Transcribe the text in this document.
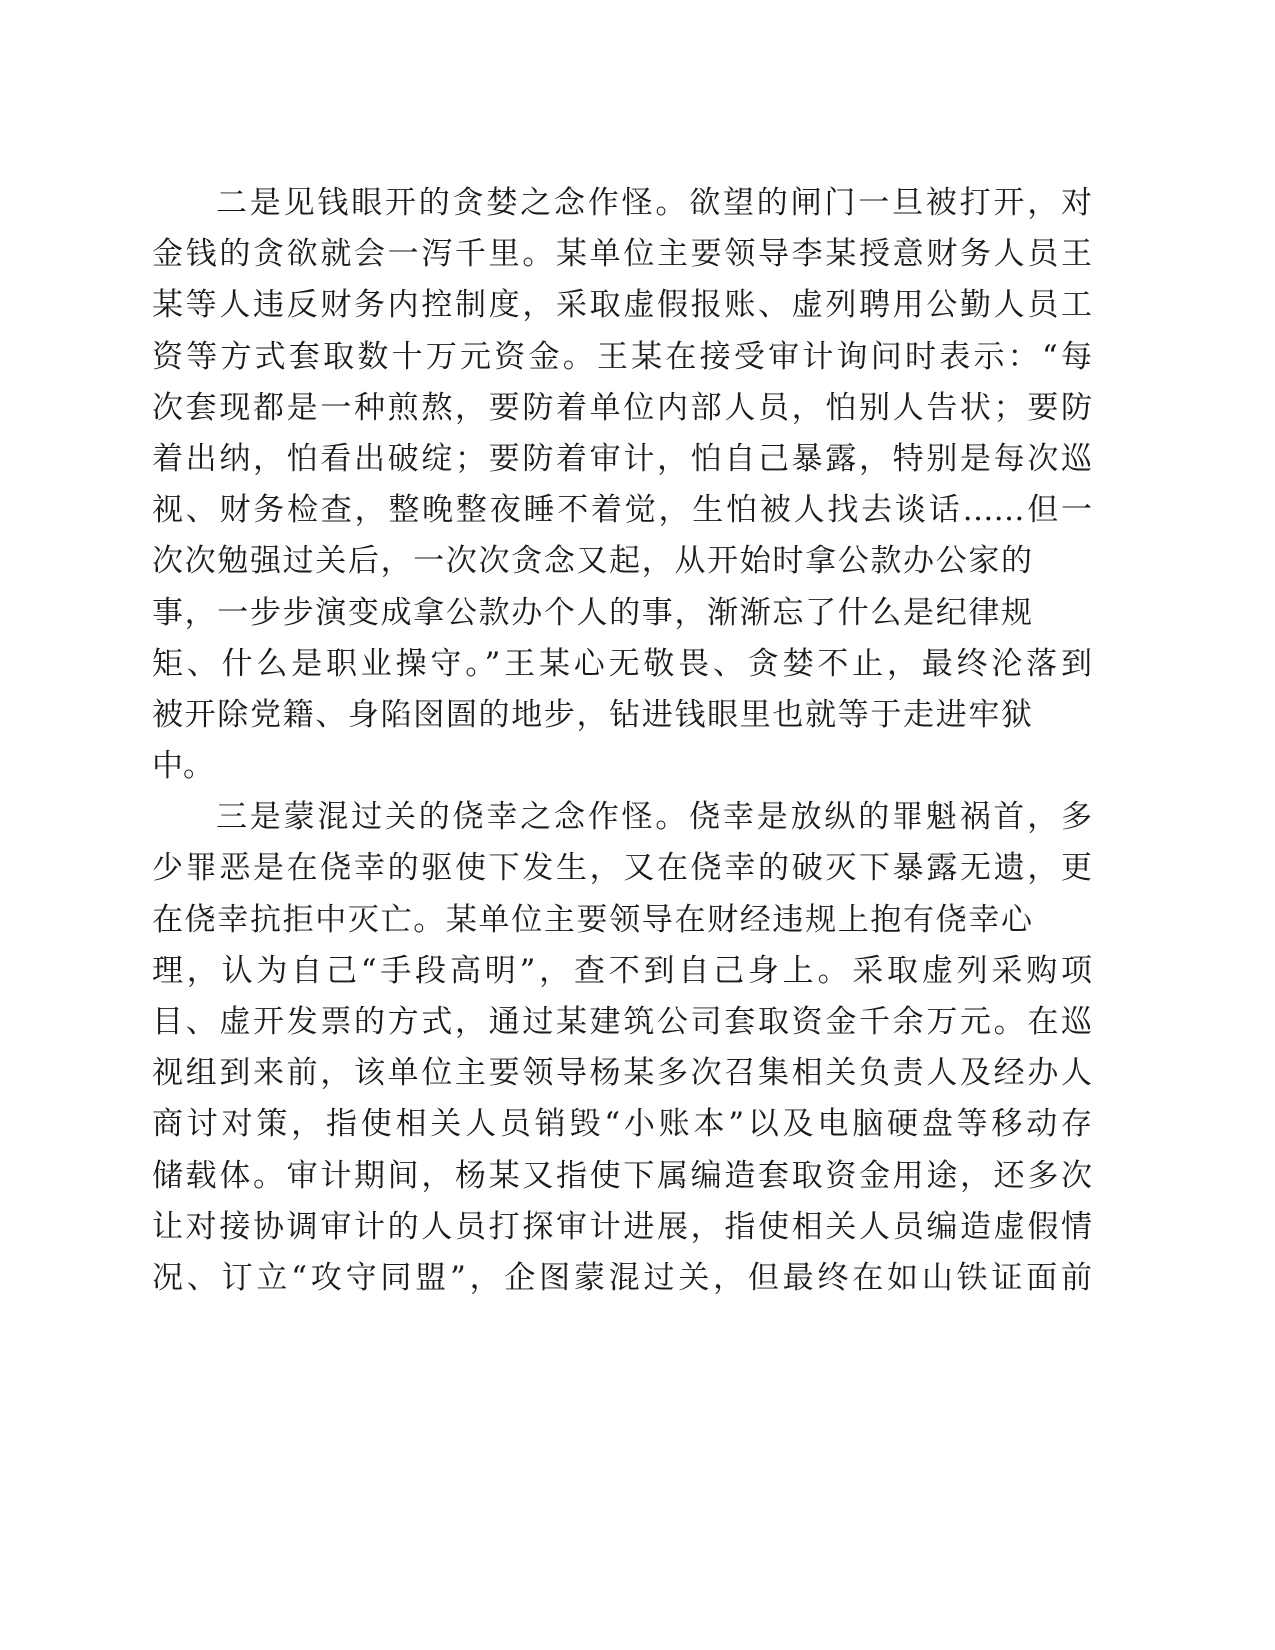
二是见钱眼开的贪婪之念作怪。欲望的闸门一旦被打开，对
金钱的贪欲就会一泻千里。某单位主要领导李某授意财务人员王
某等人违反财务内控制度，采取虚假报账、虚列聘用公勤人员工
资等方式套取数十万元资金。王某在接受审计询问时表示：“每
次套现都是一种煎熬，要防着单位内部人员，怕别人告状；要防
着出纳，怕看出破绽；要防着审计，怕自己暴露，特别是每次巡
视、财务检查，整晚整夜睡不着觉，生怕被人找去谈话……但一
次次勉强过关后，一次次贪念又起，从开始时拿公款办公家的
事，一步步演变成拿公款办个人的事，渐渐忘了什么是纪律规
矩、什么是职业操守。”王某心无敬畏、贪婪不止，最终沦落到
被开除党籍、身陷囹圄的地步，钻进钱眼里也就等于走进牢狱
中。
三是蒙混过关的侥幸之念作怪。侥幸是放纵的罪魁祸首，多
少罪恶是在侥幸的驱使下发生，又在侥幸的破灭下暴露无遗，更
在侥幸抗拒中灭亡。某单位主要领导在财经违规上抱有侥幸心
理，认为自己“手段高明”，查不到自己身上。采取虚列采购项
目、虚开发票的方式，通过某建筑公司套取资金千余万元。在巡
视组到来前，该单位主要领导杨某多次召集相关负责人及经办人
商讨对策，指使相关人员销毁“小账本”以及电脑硬盘等移动存
储载体。审计期间，杨某又指使下属编造套取资金用途，还多次
让对接协调审计的人员打探审计进展，指使相关人员编造虚假情
况、订立“攻守同盟”，企图蒙混过关，但最终在如山铁证面前
